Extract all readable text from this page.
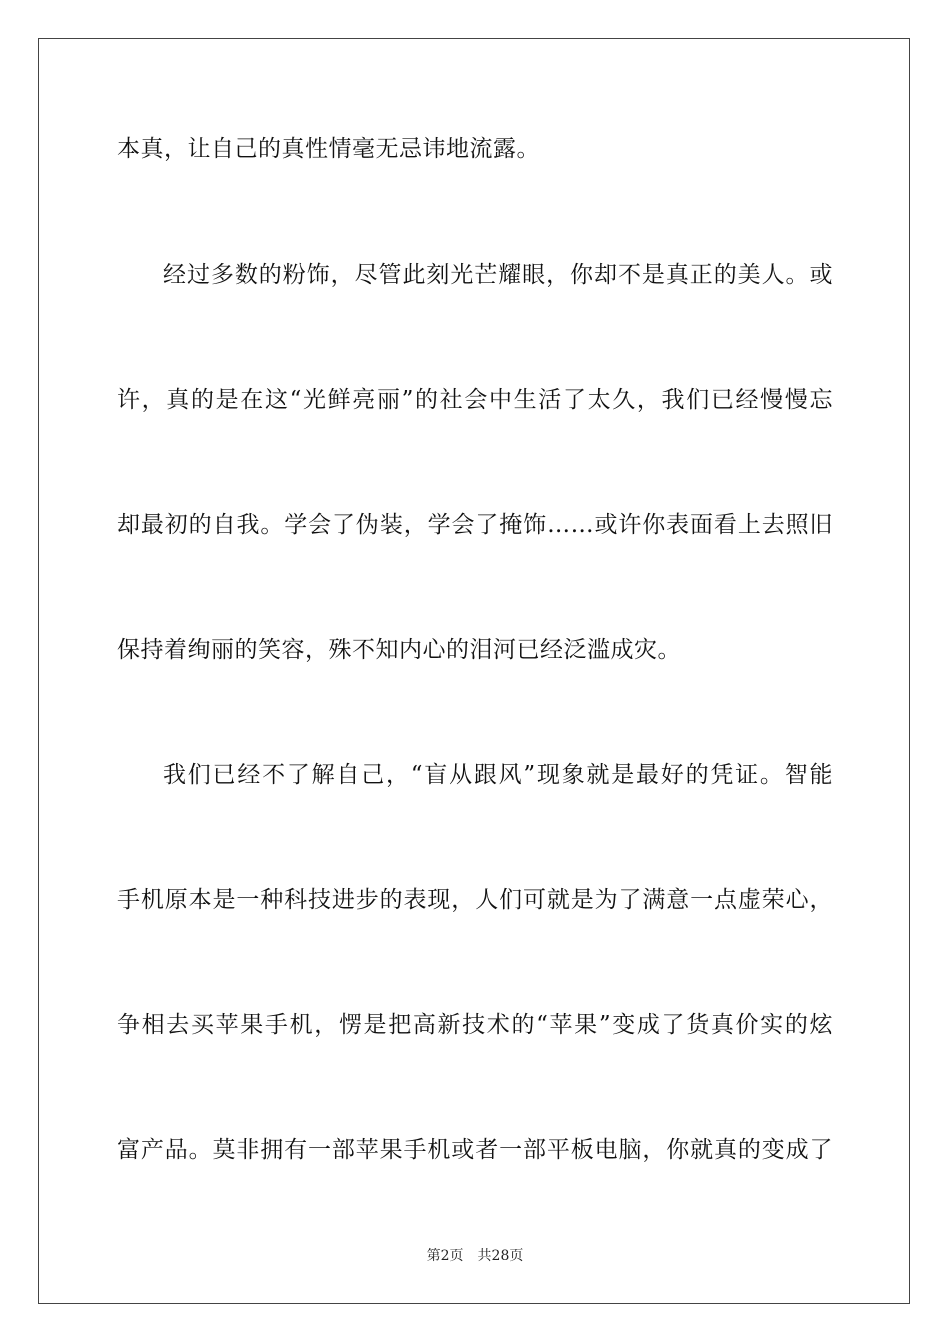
本真，让自己的真性情毫无忌讳地流露。
经过多数的粉饰，尽管此刻光芒耀眼，你却不是真正的美人。或
许，真的是在这“光鲜亮丽”的社会中生活了太久，我们已经慢慢忘
却最初的自我。学会了伪装，学会了掩饰……或许你表面看上去照旧
保持着绚丽的笑容，殊不知内心的泪河已经泛滥成灾。
我们已经不了解自己，“盲从跟风”现象就是最好的凭证。智能
手机原本是一种科技进步的表现，人们可就是为了满意一点虚荣心，
争相去买苹果手机，愣是把高新技术的“苹果”变成了货真价实的炫
富产品。莫非拥有一部苹果手机或者一部平板电脑，你就真的变成了
第2页 共28页
